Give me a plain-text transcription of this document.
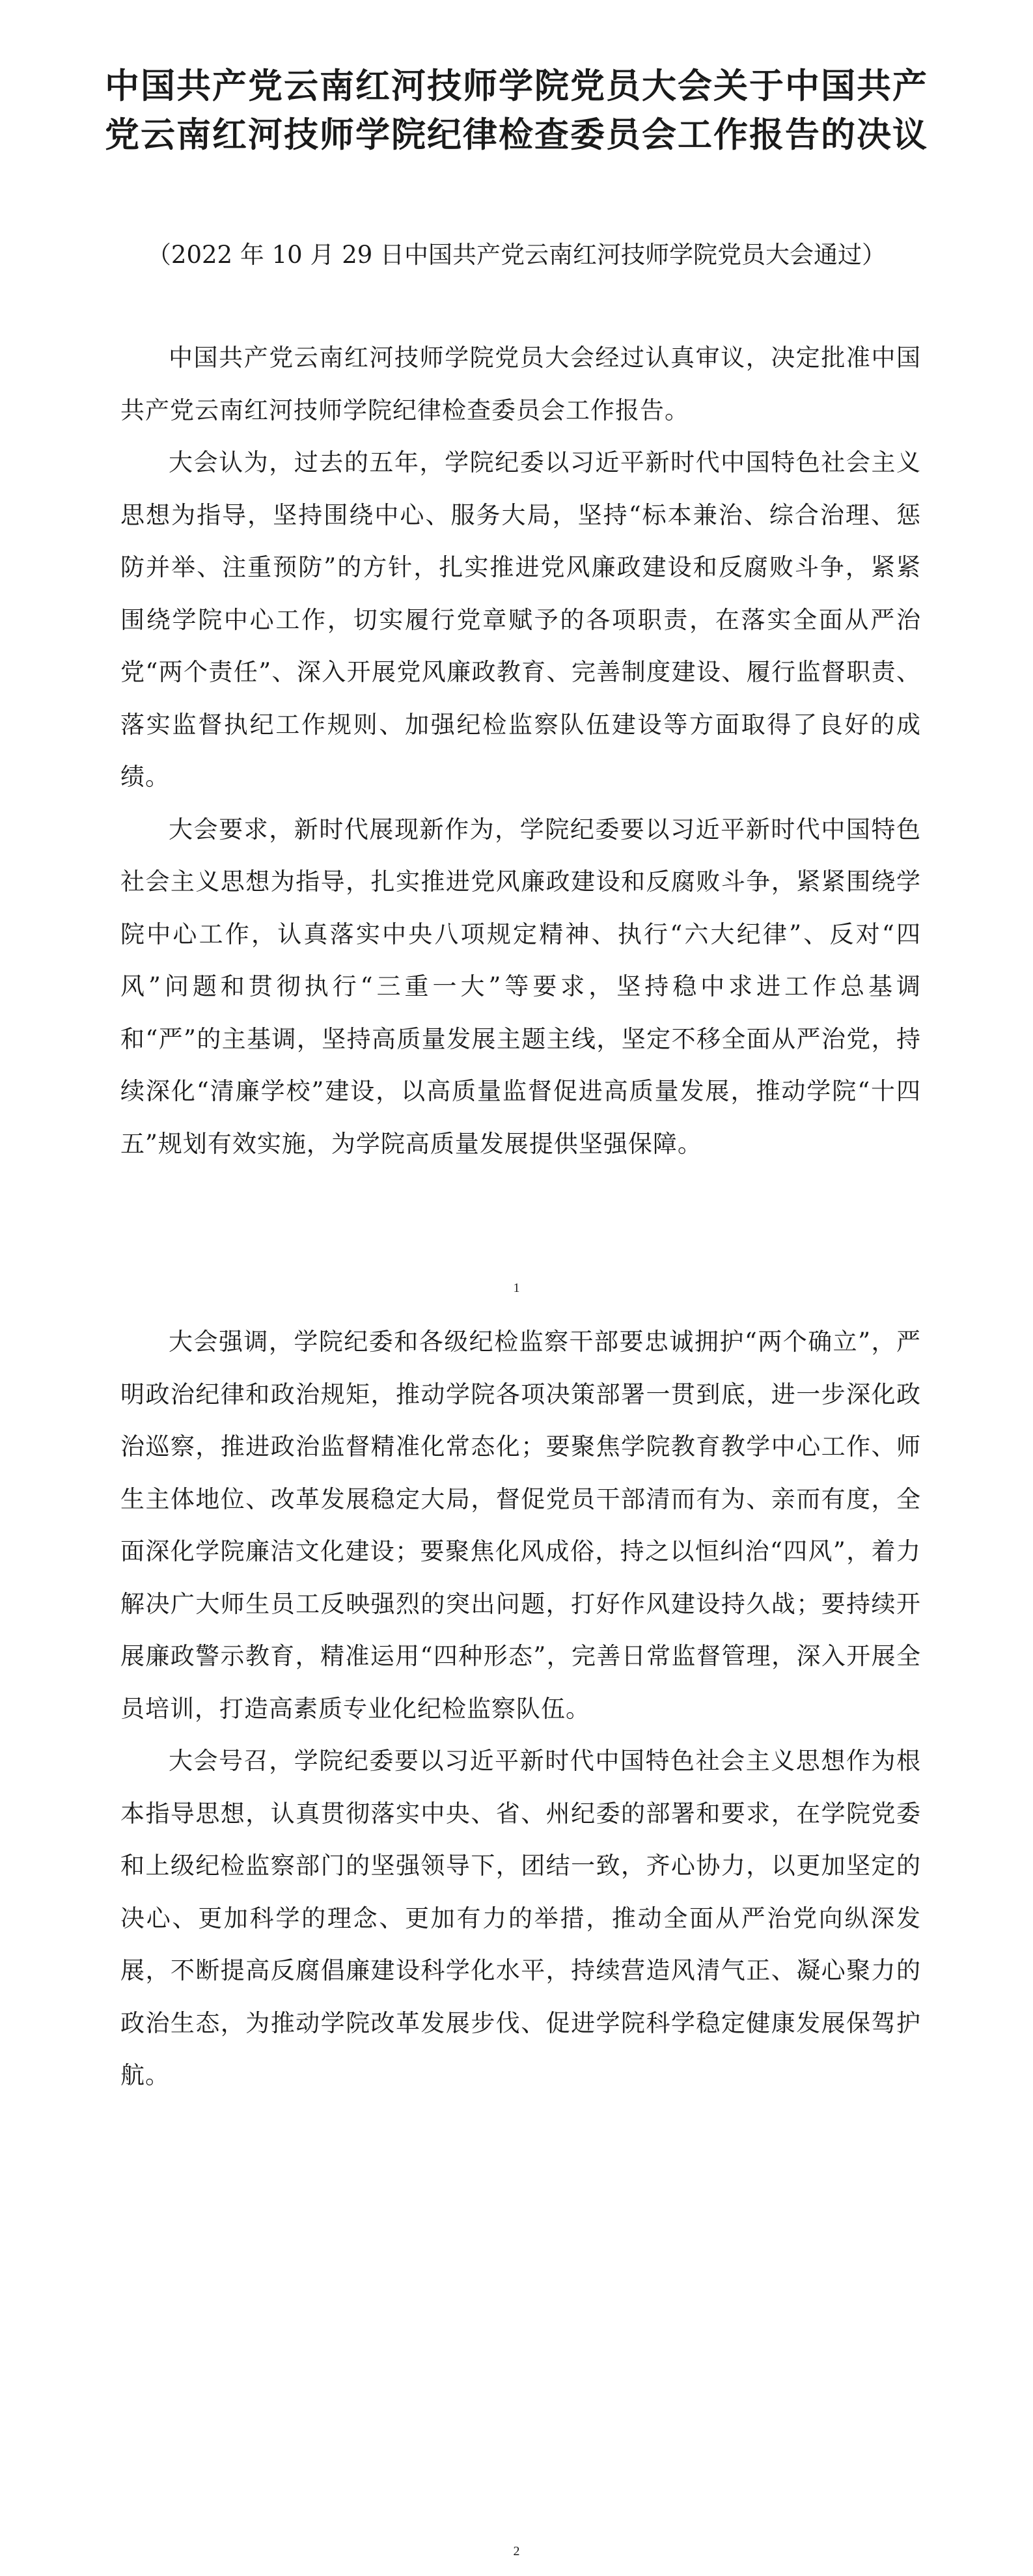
中国共产党云南红河技师学院党员大会关于中国共产党云南红河技师学院纪律检查委员会工作报告的决议

（2022 年 10 月 29 日中国共产党云南红河技师学院党员大会通过）

中国共产党云南红河技师学院党员大会经过认真审议，决定批准中国共产党云南红河技师学院纪律检查委员会工作报告。

大会认为，过去的五年，学院纪委以习近平新时代中国特色社会主义思想为指导，坚持围绕中心、服务大局，坚持“标本兼治、综合治理、惩防并举、注重预防”的方针，扎实推进党风廉政建设和反腐败斗争，紧紧围绕学院中心工作，切实履行党章赋予的各项职责，在落实全面从严治党“两个责任”、深入开展党风廉政教育、完善制度建设、履行监督职责、落实监督执纪工作规则、加强纪检监察队伍建设等方面取得了良好的成绩。

大会要求，新时代展现新作为，学院纪委要以习近平新时代中国特色社会主义思想为指导，扎实推进党风廉政建设和反腐败斗争，紧紧围绕学院中心工作，认真落实中央八项规定精神、执行“六大纪律”、反对“四风”问题和贯彻执行“三重一大”等要求，坚持稳中求进工作总基调和“严”的主基调，坚持高质量发展主题主线，坚定不移全面从严治党，持续深化“清廉学校”建设，以高质量监督促进高质量发展，推动学院“十四五”规划有效实施，为学院高质量发展提供坚强保障。

1

大会强调，学院纪委和各级纪检监察干部要忠诚拥护“两个确立”，严明政治纪律和政治规矩，推动学院各项决策部署一贯到底，进一步深化政治巡察，推进政治监督精准化常态化；要聚焦学院教育教学中心工作、师生主体地位、改革发展稳定大局，督促党员干部清而有为、亲而有度，全面深化学院廉洁文化建设；要聚焦化风成俗，持之以恒纠治“四风”，着力解决广大师生员工反映强烈的突出问题，打好作风建设持久战；要持续开展廉政警示教育，精准运用“四种形态”，完善日常监督管理，深入开展全员培训，打造高素质专业化纪检监察队伍。

大会号召，学院纪委要以习近平新时代中国特色社会主义思想作为根本指导思想，认真贯彻落实中央、省、州纪委的部署和要求，在学院党委和上级纪检监察部门的坚强领导下，团结一致，齐心协力，以更加坚定的决心、更加科学的理念、更加有力的举措，推动全面从严治党向纵深发展，不断提高反腐倡廉建设科学化水平，持续营造风清气正、凝心聚力的政治生态，为推动学院改革发展步伐、促进学院科学稳定健康发展保驾护航。

2
